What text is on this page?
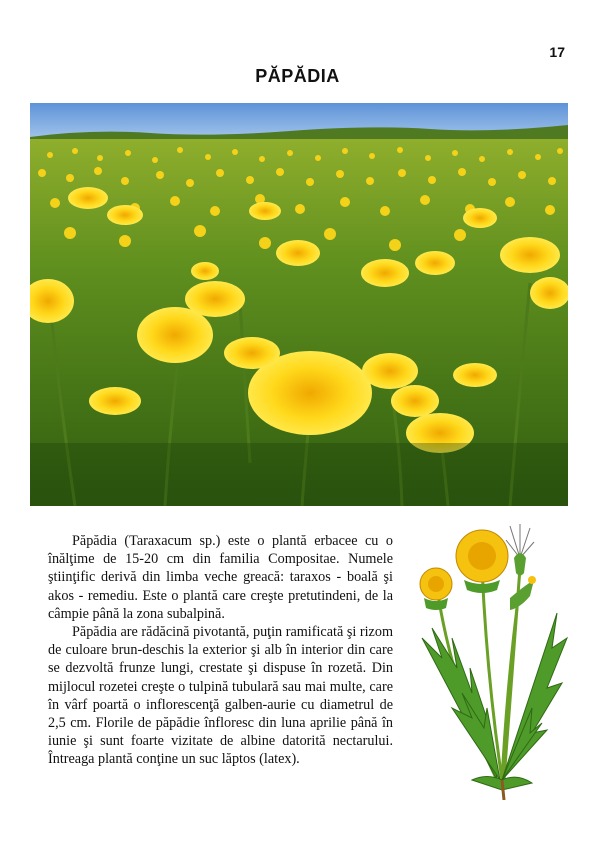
17
PĂPĂDIA

Păpădia (Taraxacum sp.) este o plantă erbacee cu o înălţime de 15-20 cm din familia Compositae. Numele ştiinţific derivă din limba veche greacă: taraxos - boală şi akos - remediu. Este o plantă care creşte pretutindeni, de la câmpie până la zona subalpină.

Păpădia are rădăcină pivotantă, puţin ramificată şi rizom de culoare brun-deschis la exterior şi alb în interior din care se dezvoltă frunze lungi, crestate şi dispuse în rozetă. Din mijlocul rozetei creşte o tulpină tubulară sau mai multe, care în vârf poartă o inflorescenţă galben-aurie cu diametrul de 2,5 cm. Florile de păpădie înfloresc din luna aprilie până în iunie şi sunt foarte vizitate de albine datorită nectarului. Întreaga plantă conţine un suc lăptos (latex).
